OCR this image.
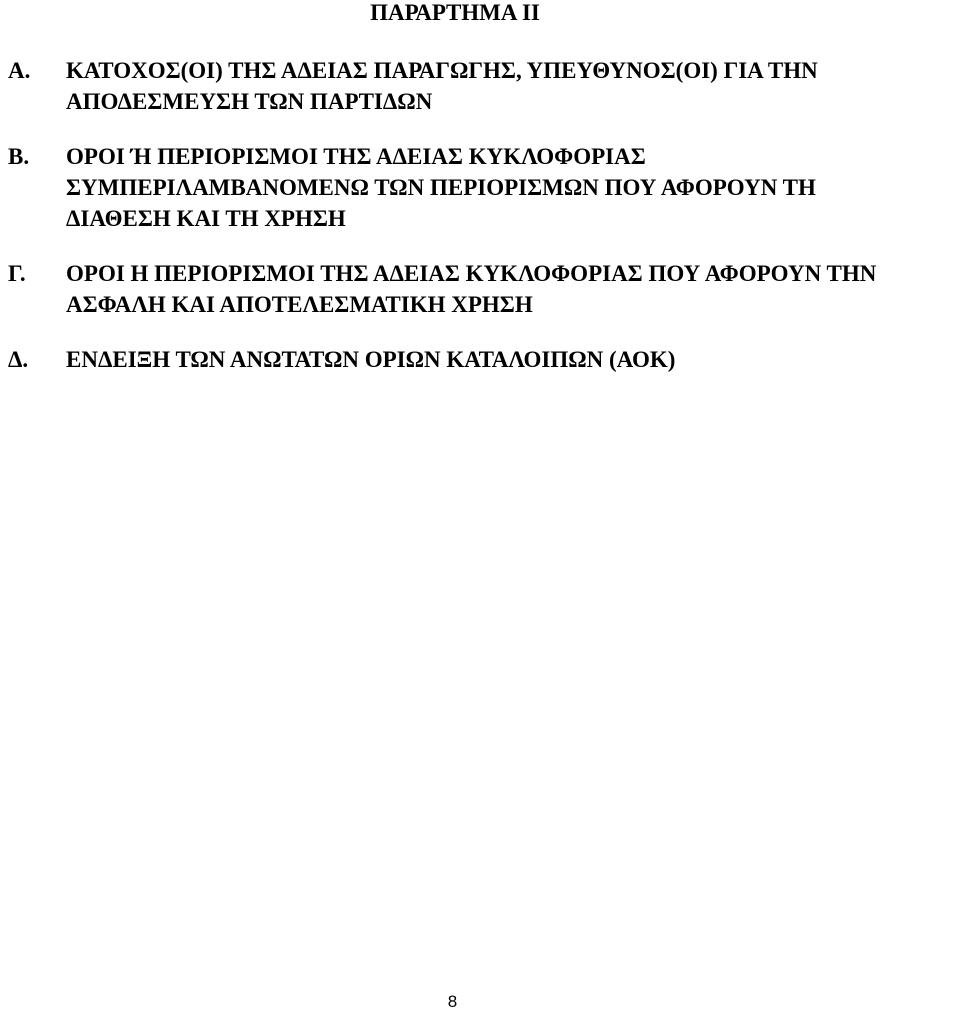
ΠΑΡΑΡΤΗΜΑ ΙΙ
Α.	ΚΑΤΟΧΟΣ(ΟΙ) ΤΗΣ ΑΔΕΙΑΣ ΠΑΡΑΓΩΓΗΣ, ΥΠΕΥΘΥΝΟΣ(ΟΙ) ΓΙΑ ΤΗΝ
ΑΠΟΔΕΣΜΕΥΣΗ ΤΩΝ ΠΑΡΤΙΔΩΝ
Β.	ΟΡΟΙ Ή ΠΕΡΙΟΡΙΣΜΟΙ ΤΗΣ ΑΔΕΙΑΣ ΚΥΚΛΟΦΟΡΙΑΣ
ΣΥΜΠΕΡΙΛΑΜΒΑΝΟΜΕΝΩ ΤΩΝ ΠΕΡΙΟΡΙΣΜΩΝ ΠΟΥ ΑΦΟΡΟΥΝ ΤΗ
ΔΙΑΘΕΣΗ ΚΑΙ ΤΗ ΧΡΗΣΗ
Γ.	ΟΡΟΙ Η ΠΕΡΙΟΡΙΣΜΟΙ ΤΗΣ ΑΔΕΙΑΣ ΚΥΚΛΟΦΟΡΙΑΣ ΠΟΥ ΑΦΟΡΟΥΝ ΤΗΝ
ΑΣΦΑΛΗ ΚΑΙ ΑΠΟΤΕΛΕΣΜΑΤΙΚΗ ΧΡΗΣΗ
Δ.	ΕΝΔΕΙΞΗ ΤΩΝ ΑΝΩΤΑΤΩΝ ΟΡΙΩΝ ΚΑΤΑΛΟΙΠΩΝ (ΑΟΚ)
8
